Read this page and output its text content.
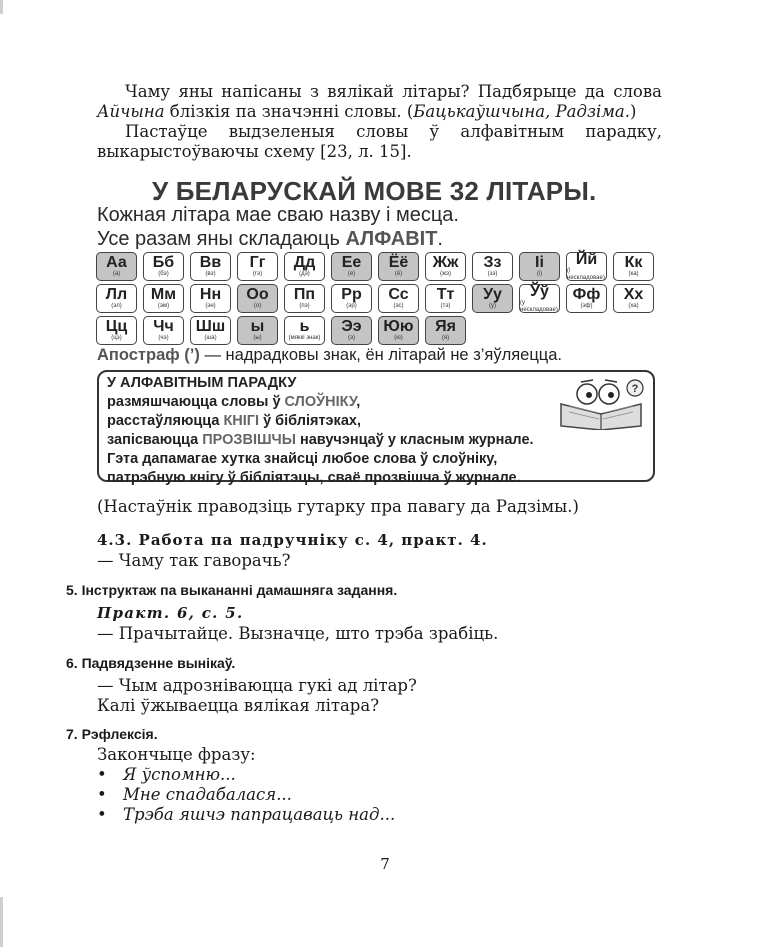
Чаму яны напісаны з вялікай літары? Падбярыце да слова Айчына блізкія па значэнні словы. (Бацькаўшчына, Радзіма.)

Пастаўце выдзеленыя словы ў алфавітным парадку, выкарыстоўваючы схему [23, л. 15].

У БЕЛАРУСКАЙ МОВЕ 32 ЛІТАРЫ.
Кожная літара мае сваю назву і месца.
Усе разам яны складаюць АЛФАВІТ.
Аа
(а)
Бб
(бэ)
Вв
(вэ)
Гг
(гэ)
Дд
(дэ)
Ее
(е)
Ёё
(ё)
Жж
(жэ)
Зз
(зэ)
Іі
(і)
Йй
(і нескладовае)
Кк
(ка)
Лл
(эл)
Мм
(эм)
Нн
(эн)
Оо
(о)
Пп
(пэ)
Рр
(эр)
Сс
(эс)
Тт
(тэ)
Уу
(у)
Ўў
(у нескладовае)
Фф
(эф)
Хх
(ха)
Цц
(цэ)
Чч
(чэ)
Шш
(ша)
ы
(ы)
ь
(мяккі знак)
Ээ
(э)
Юю
(ю)
Яя
(я)
Апостраф (’) — надрадковы знак, ён літарай не з’яўляецца.
?
У АЛФАВІТНЫМ ПАРАДКУ
размяшчаюцца словы ў СЛОЎНІКУ,
расстаўляюцца КНІГІ ў бібліятэках,
запісваюцца ПРОЗВІШЧЫ навучэнцаў у класным журнале.
Гэта дапамагае хутка знайсці любое слова ў слоўніку,
патрэбную кнігу ў бібліятэцы, сваё прозвішча ў журнале.

(Настаўнік праводзіць гутарку пра павагу да Радзімы.)

4.3. Работа па падручніку с. 4, практ. 4.

— Чаму так гаворачь?

5. Інструктаж па выкананні дамашняга задання.

Практ. 6, с. 5.

— Прачытайце. Вызначце, што трэба зрабіць.

6. Падвядзенне вынікаў.

— Чым адрозніваюцца гукі ад літар?

Калі ўжываецца вялікая літара?

7. Рэфлексія.

Закончыце фразу:

• Я ўспомню...
• Мне спадабалася...
• Трэба яшчэ папрацаваць над...
7
